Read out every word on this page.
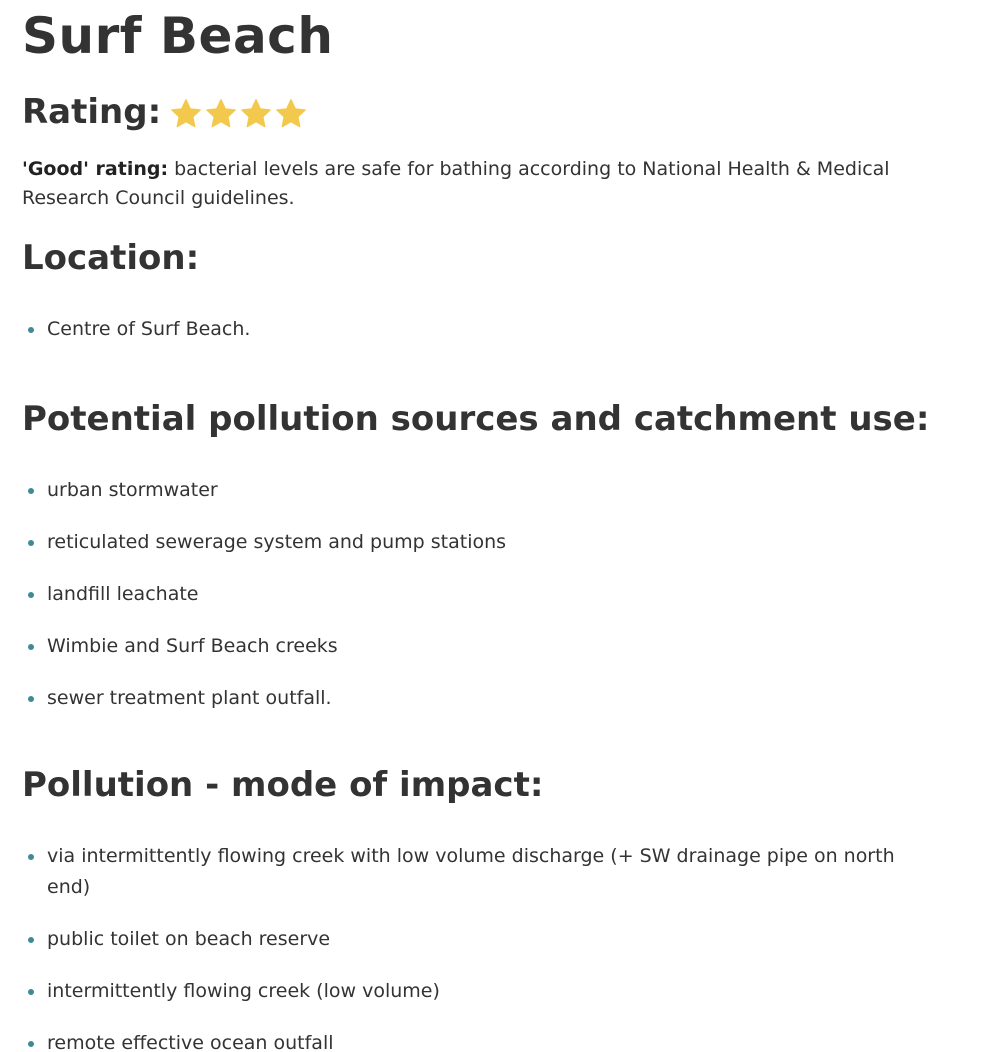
Surf Beach
Rating:

'Good' rating: bacterial levels are safe for bathing according to National Health & Medical Research Council guidelines.

Location:
Centre of Surf Beach.
Potential pollution sources and catchment use:
urban stormwater
reticulated sewerage system and pump stations
landfill leachate
Wimbie and Surf Beach creeks
sewer treatment plant outfall.
Pollution - mode of impact:
via intermittently flowing creek with low volume discharge (+ SW drainage pipe on north end)
public toilet on beach reserve
intermittently flowing creek (low volume)
remote effective ocean outfall
